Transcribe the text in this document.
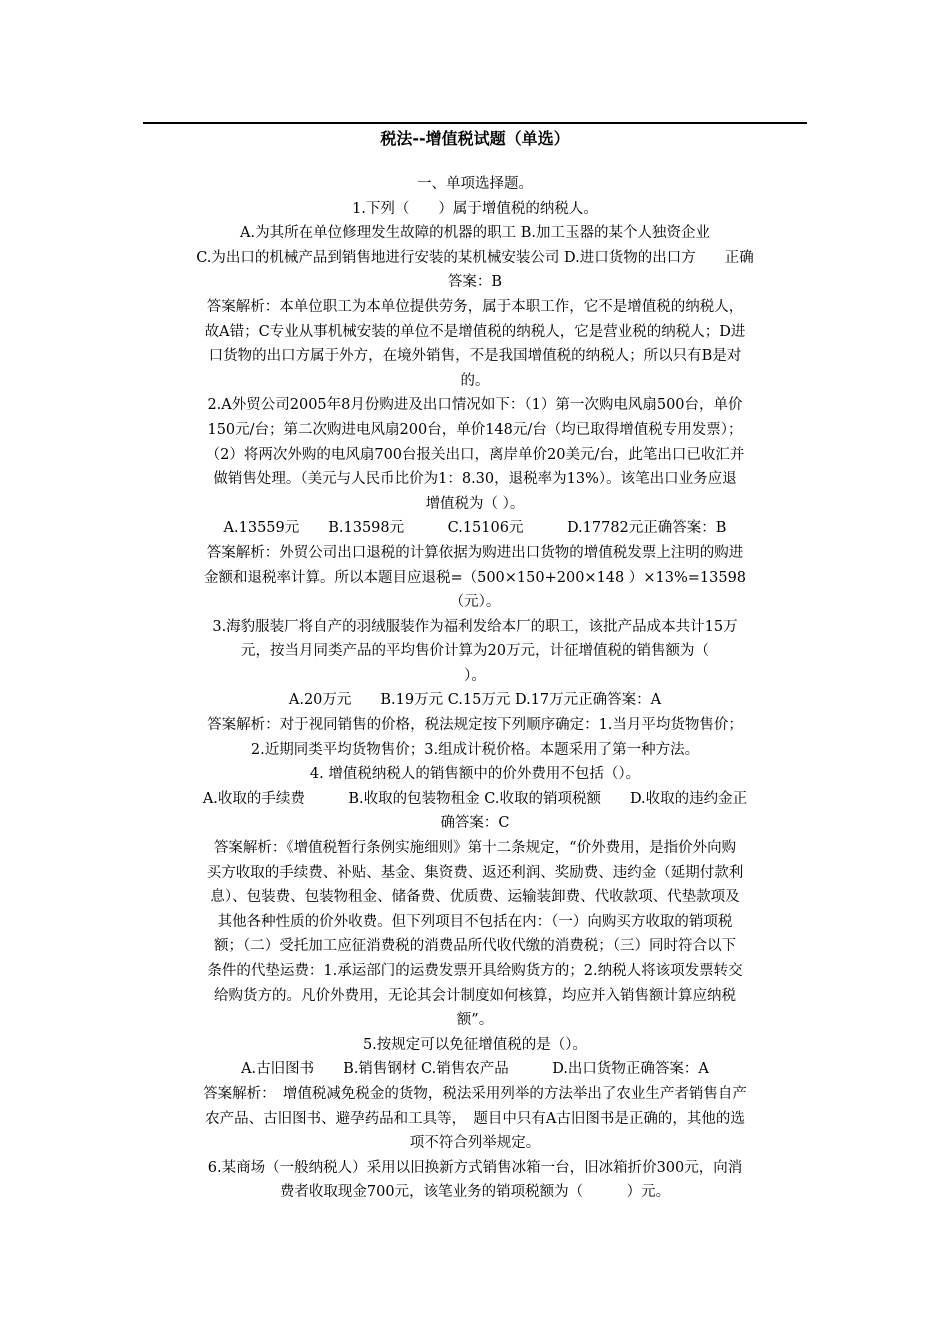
税法--增值税试题（单选）

一、单项选择题。

1.下列（　　）属于增值税的纳税人。

A.为其所在单位修理发生故障的机器的职工 B.加工玉器的某个人独资企业

C.为出口的机械产品到销售地进行安装的某机械安装公司 D.进口货物的出口方　　正确

答案：B

答案解析：本单位职工为本单位提供劳务，属于本职工作，它不是增值税的纳税人，

故A错；C专业从事机械安装的单位不是增值税的纳税人，它是营业税的纳税人；D进

口货物的出口方属于外方，在境外销售，不是我国增值税的纳税人；所以只有B是对

的。

2.A外贸公司2005年8月份购进及出口情况如下：（1）第一次购电风扇500台，单价

150元/台；第二次购进电风扇200台，单价148元/台（均已取得增值税专用发票）；

（2）将两次外购的电风扇700台报关出口，离岸单价20美元/台，此笔出口已收汇并

做销售处理。（美元与人民币比价为1：8.30，退税率为13%）。该笔出口业务应退

增值税为（ ）。

A.13559元　　B.13598元　　　C.15106元　　　D.17782元正确答案：B

答案解析：外贸公司出口退税的计算依据为购进出口货物的增值税发票上注明的购进

金额和退税率计算。所以本题目应退税=（500×150+200×148 ）×13%=13598

（元）。

3.海豹服装厂将自产的羽绒服装作为福利发给本厂的职工，该批产品成本共计15万

元，按当月同类产品的平均售价计算为20万元，计征增值税的销售额为（

）。

A.20万元　　B.19万元 C.15万元 D.17万元正确答案：A

答案解析：对于视同销售的价格，税法规定按下列顺序确定：1.当月平均货物售价；

2.近期同类平均货物售价；3.组成计税价格。本题采用了第一种方法。

4. 增值税纳税人的销售额中的价外费用不包括（）。

A.收取的手续费　　　B.收取的包装物租金 C.收取的销项税额　　D.收取的违约金正

确答案：C

答案解析：《增值税暂行条例实施细则》第十二条规定，“价外费用，是指价外向购

买方收取的手续费、补贴、基金、集资费、返还利润、奖励费、违约金（延期付款利

息）、包装费、包装物租金、储备费、优质费、运输装卸费、代收款项、代垫款项及

其他各种性质的价外收费。但下列项目不包括在内：（一）向购买方收取的销项税

额；（二）受托加工应征消费税的消费品所代收代缴的消费税；（三）同时符合以下

条件的代垫运费：1.承运部门的运费发票开具给购货方的；2.纳税人将该项发票转交

给购货方的。凡价外费用，无论其会计制度如何核算，均应并入销售额计算应纳税

额”。

5.按规定可以免征增值税的是（）。

A.古旧图书　　B.销售钢材 C.销售农产品　　　D.出口货物正确答案：A

答案解析：　增值税减免税金的货物，税法采用列举的方法举出了农业生产者销售自产

农产品、古旧图书、避孕药品和工具等，　题目中只有A古旧图书是正确的，其他的选

项不符合列举规定。

6.某商场（一般纳税人）采用以旧换新方式销售冰箱一台，旧冰箱折价300元，向消

费者收取现金700元，该笔业务的销项税额为（　　　）元。
